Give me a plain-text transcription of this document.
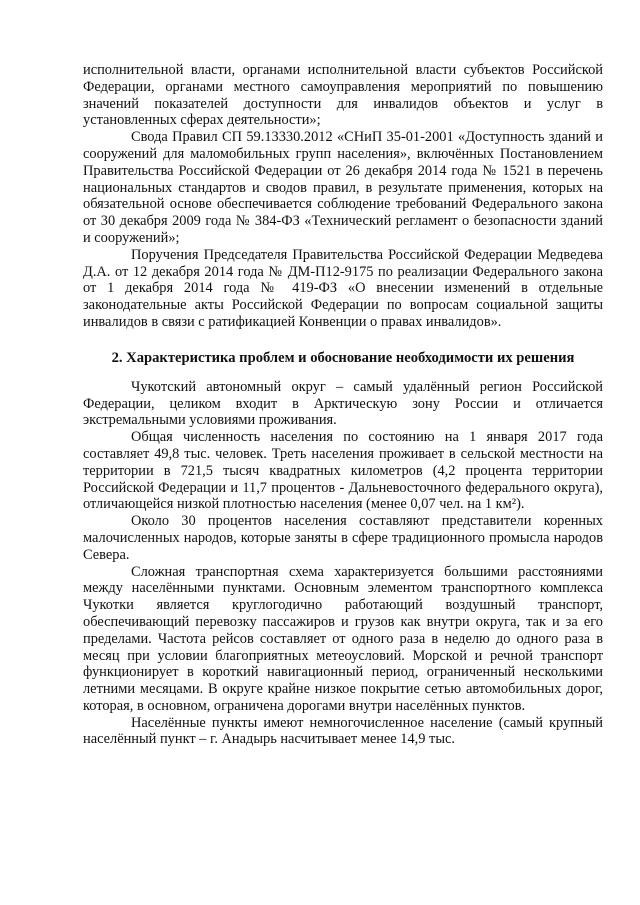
исполнительной власти, органами исполнительной власти субъектов Российской Федерации, органами местного самоуправления мероприятий по повышению значений показателей доступности для инвалидов объектов и услуг в установленных сферах деятельности»;

Свода Правил СП 59.13330.2012 «СНиП 35-01-2001 «Доступность зданий и сооружений для маломобильных групп населения», включённых Постановлением Правительства Российской Федерации от 26 декабря 2014 года № 1521 в перечень национальных стандартов и сводов правил, в результате применения, которых на обязательной основе обеспечивается соблюдение требований Федерального закона от 30 декабря 2009 года № 384-ФЗ «Технический регламент о безопасности зданий и сооружений»;

Поручения Председателя Правительства Российской Федерации Медведева Д.А. от 12 декабря 2014 года № ДМ-П12-9175 по реализации Федерального закона от 1 декабря 2014 года № 419-ФЗ «О внесении изменений в отдельные законодательные акты Российской Федерации по вопросам социальной защиты инвалидов в связи с ратификацией Конвенции о правах инвалидов».

2. Характеристика проблем и обоснование необходимости их решения

Чукотский автономный округ – самый удалённый регион Российской Федерации, целиком входит в Арктическую зону России и отличается экстремальными условиями проживания.

Общая численность населения по состоянию на 1 января 2017 года составляет 49,8 тыс. человек. Треть населения проживает в сельской местности на территории в 721,5 тысяч квадратных километров (4,2 процента территории Российской Федерации и 11,7 процентов - Дальневосточного федерального округа), отличающейся низкой плотностью населения (менее 0,07 чел. на 1 км²).

Около 30 процентов населения составляют представители коренных малочисленных народов, которые заняты в сфере традиционного промысла народов Севера.

Сложная транспортная схема характеризуется большими расстояниями между населёнными пунктами. Основным элементом транспортного комплекса Чукотки является круглогодично работающий воздушный транспорт, обеспечивающий перевозку пассажиров и грузов как внутри округа, так и за его пределами. Частота рейсов составляет от одного раза в неделю до одного раза в месяц при условии благоприятных метеоусловий. Морской и речной транспорт функционирует в короткий навигационный период, ограниченный несколькими летними месяцами. В округе крайне низкое покрытие сетью автомобильных дорог, которая, в основном, ограничена дорогами внутри населённых пунктов.

Населённые пункты имеют немногочисленное население (самый крупный населённый пункт – г. Анадырь насчитывает менее 14,9 тыс.
